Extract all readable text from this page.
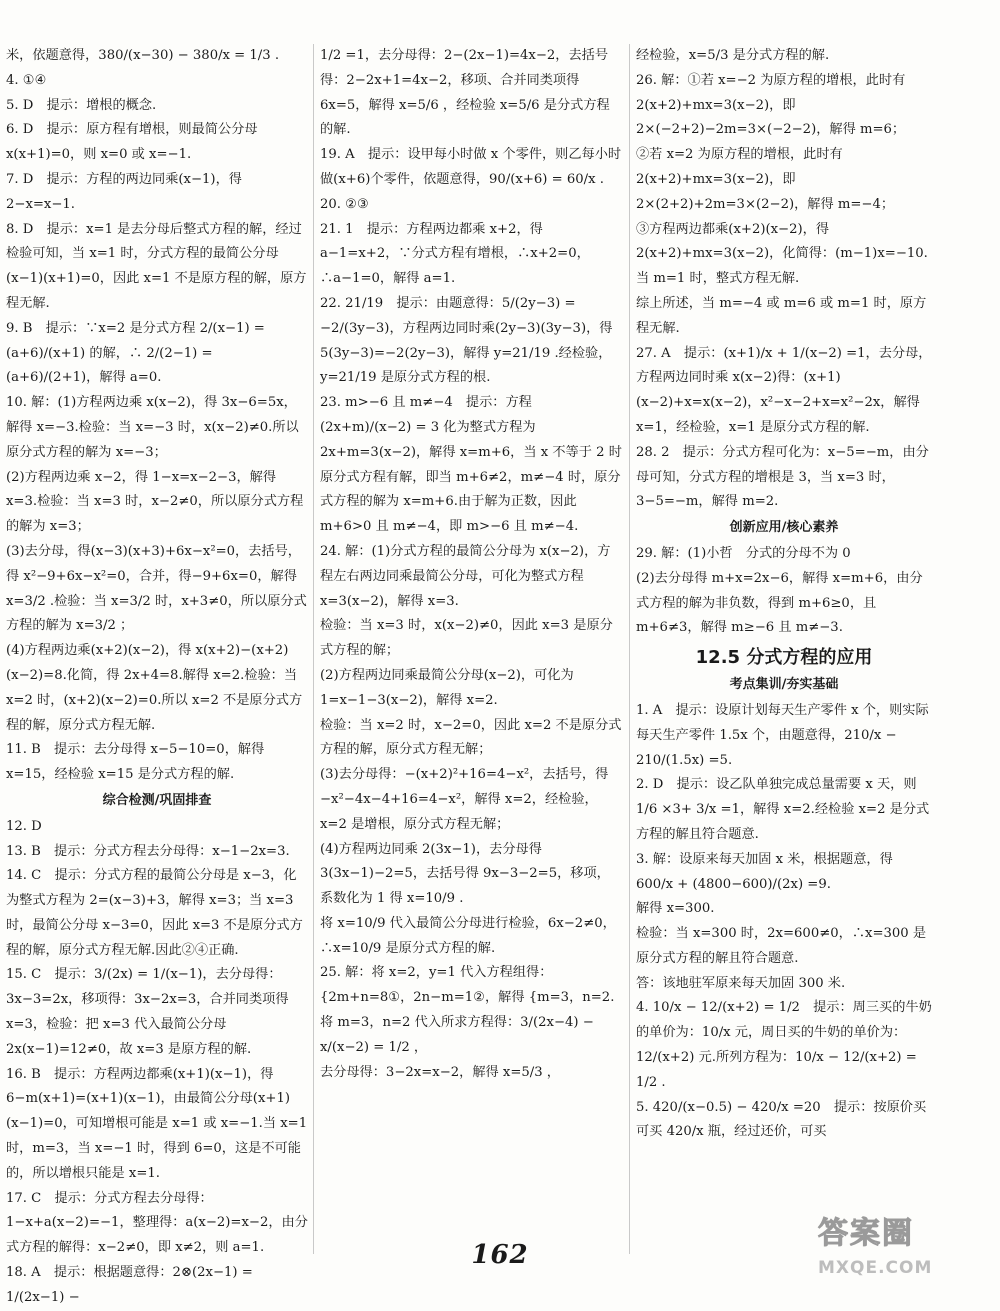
米，依题意得，380/(x−30) − 380/x = 1/3 .
4. ①④
5. D　提示：增根的概念.
6. D　提示：原方程有增根，则最简公分母 x(x+1)=0，则 x=0 或 x=−1.
7. D　提示：方程的两边同乘(x−1)，得 2−x=x−1.
8. D　提示：x=1 是去分母后整式方程的解，经过检验可知，当 x=1 时，分式方程的最简公分母(x−1)(x+1)=0，因此 x=1 不是原方程的解，原方程无解.
9. B　提示：∵x=2 是分式方程 2/(x−1) = (a+6)/(x+1) 的解，∴ 2/(2−1) = (a+6)/(2+1)，解得 a=0.
10. 解：(1)方程两边乘 x(x−2)，得 3x−6=5x，解得 x=−3.检验：当 x=−3 时，x(x−2)≠0.所以原分式方程的解为 x=−3；
(2)方程两边乘 x−2，得 1−x=x−2−3，解得 x=3.检验：当 x=3 时，x−2≠0，所以原分式方程的解为 x=3；
(3)去分母，得(x−3)(x+3)+6x−x²=0，去括号，得 x²−9+6x−x²=0，合并，得−9+6x=0，解得 x=3/2 .检验：当 x=3/2 时，x+3≠0，所以原分式方程的解为 x=3/2 ；
(4)方程两边乘(x+2)(x−2)，得 x(x+2)−(x+2)(x−2)=8.化简，得 2x+4=8.解得 x=2.检验：当 x=2 时，(x+2)(x−2)=0.所以 x=2 不是原分式方程的解，原分式方程无解.
11. B　提示：去分母得 x−5−10=0，解得 x=15，经检验 x=15 是分式方程的解.
综合检测/巩固排查
12. D
13. B　提示：分式方程去分母得：x−1−2x=3.
14. C　提示：分式方程的最简公分母是 x−3，化为整式方程为 2=(x−3)+3，解得 x=3；当 x=3 时，最简公分母 x−3=0，因此 x=3 不是原分式方程的解，原分式方程无解.因此②④正确.
15. C　提示：3/(2x) = 1/(x−1)，去分母得：3x−3=2x，移项得：3x−2x=3，合并同类项得 x=3，检验：把 x=3 代入最简公分母 2x(x−1)=12≠0，故 x=3 是原方程的解.
16. B　提示：方程两边都乘(x+1)(x−1)，得 6−m(x+1)=(x+1)(x−1)，由最简公分母(x+1)(x−1)=0，可知增根可能是 x=1 或 x=−1.当 x=1 时，m=3，当 x=−1 时，得到 6=0，这是不可能的，所以增根只能是 x=1.
17. C　提示：分式方程去分母得：1−x+a(x−2)=−1，整理得：a(x−2)=x−2，由分式方程的解得：x−2≠0，即 x≠2，则 a=1.
18. A　提示：根据题意得：2⊗(2x−1) = 1/(2x−1) −
1/2 =1，去分母得：2−(2x−1)=4x−2，去括号得：2−2x+1=4x−2，移项、合并同类项得 6x=5，解得 x=5/6 ，经检验 x=5/6 是分式方程的解.
19. A　提示：设甲每小时做 x 个零件，则乙每小时做(x+6)个零件，依题意得，90/(x+6) = 60/x .
20. ②③
21. 1　提示：方程两边都乘 x+2，得 a−1=x+2，∵分式方程有增根，∴x+2=0，∴a−1=0，解得 a=1.
22. 21/19　提示：由题意得：5/(2y−3) = −2/(3y−3)，方程两边同时乘(2y−3)(3y−3)，得 5(3y−3)=−2(2y−3)，解得 y=21/19 .经检验，y=21/19 是原分式方程的根.
23. m>−6 且 m≠−4　提示：方程 (2x+m)/(x−2) = 3 化为整式方程为 2x+m=3(x−2)，解得 x=m+6，当 x 不等于 2 时原分式方程有解，即当 m+6≠2，m≠−4 时，原分式方程的解为 x=m+6.由于解为正数，因此 m+6>0 且 m≠−4，即 m>−6 且 m≠−4.
24. 解：(1)分式方程的最简公分母为 x(x−2)，方程左右两边同乘最简公分母，可化为整式方程 x=3(x−2)，解得 x=3.
检验：当 x=3 时，x(x−2)≠0，因此 x=3 是原分式方程的解；
(2)方程两边同乘最简公分母(x−2)，可化为 1=x−1−3(x−2)，解得 x=2.
检验：当 x=2 时，x−2=0，因此 x=2 不是原分式方程的解，原分式方程无解；
(3)去分母得：−(x+2)²+16=4−x²，去括号，得−x²−4x−4+16=4−x²，解得 x=2，经检验，x=2 是增根，原分式方程无解；
(4)方程两边同乘 2(3x−1)，去分母得 3(3x−1)−2=5，去括号得 9x−3−2=5，移项，系数化为 1 得 x=10/9 .
将 x=10/9 代入最简公分母进行检验，6x−2≠0，∴x=10/9 是原分式方程的解.
25. 解：将 x=2，y=1 代入方程组得：{2m+n=8①，2n−m=1②，解得 {m=3，n=2.
将 m=3，n=2 代入所求方程得：3/(2x−4) − x/(x−2) = 1/2 ，
去分母得：3−2x=x−2，解得 x=5/3 ，
经检验，x=5/3 是分式方程的解.
26. 解：①若 x=−2 为原方程的增根，此时有 2(x+2)+mx=3(x−2)，即 2×(−2+2)−2m=3×(−2−2)，解得 m=6；
②若 x=2 为原方程的增根，此时有 2(x+2)+mx=3(x−2)，即 2×(2+2)+2m=3×(2−2)，解得 m=−4；
③方程两边都乘(x+2)(x−2)，得 2(x+2)+mx=3(x−2)，化简得：(m−1)x=−10.
当 m=1 时，整式方程无解.
综上所述，当 m=−4 或 m=6 或 m=1 时，原方程无解.
27. A　提示：(x+1)/x + 1/(x−2) =1，去分母，方程两边同时乘 x(x−2)得：(x+1)(x−2)+x=x(x−2)，x²−x−2+x=x²−2x，解得 x=1，经检验，x=1 是原分式方程的解.
28. 2　提示：分式方程可化为：x−5=−m，由分母可知，分式方程的增根是 3，当 x=3 时，3−5=−m，解得 m=2.
创新应用/核心素养
29. 解：(1)小哲　分式的分母不为 0
(2)去分母得 m+x=2x−6，解得 x=m+6，由分式方程的解为非负数，得到 m+6≥0，且 m+6≠3，解得 m≥−6 且 m≠−3.
12.5 分式方程的应用
考点集训/夯实基础
1. A　提示：设原计划每天生产零件 x 个，则实际每天生产零件 1.5x 个，由题意得，210/x − 210/(1.5x) =5.
2. D　提示：设乙队单独完成总量需要 x 天，则 1/6 ×3+ 3/x =1，解得 x=2.经检验 x=2 是分式方程的解且符合题意.
3. 解：设原来每天加固 x 米，根据题意，得 600/x + (4800−600)/(2x) =9.
解得 x=300.
检验：当 x=300 时，2x=600≠0，∴x=300 是原分式方程的解且符合题意.
答：该地驻军原来每天加固 300 米.
4. 10/x − 12/(x+2) = 1/2　提示：周三买的牛奶的单价为：10/x 元，周日买的牛奶的单价为：12/(x+2) 元.所列方程为：10/x − 12/(x+2) = 1/2 .
5. 420/(x−0.5) − 420/x =20　提示：按原价买可买 420/x 瓶，经过还价，可买
162
答案圈
MXQE.COM
